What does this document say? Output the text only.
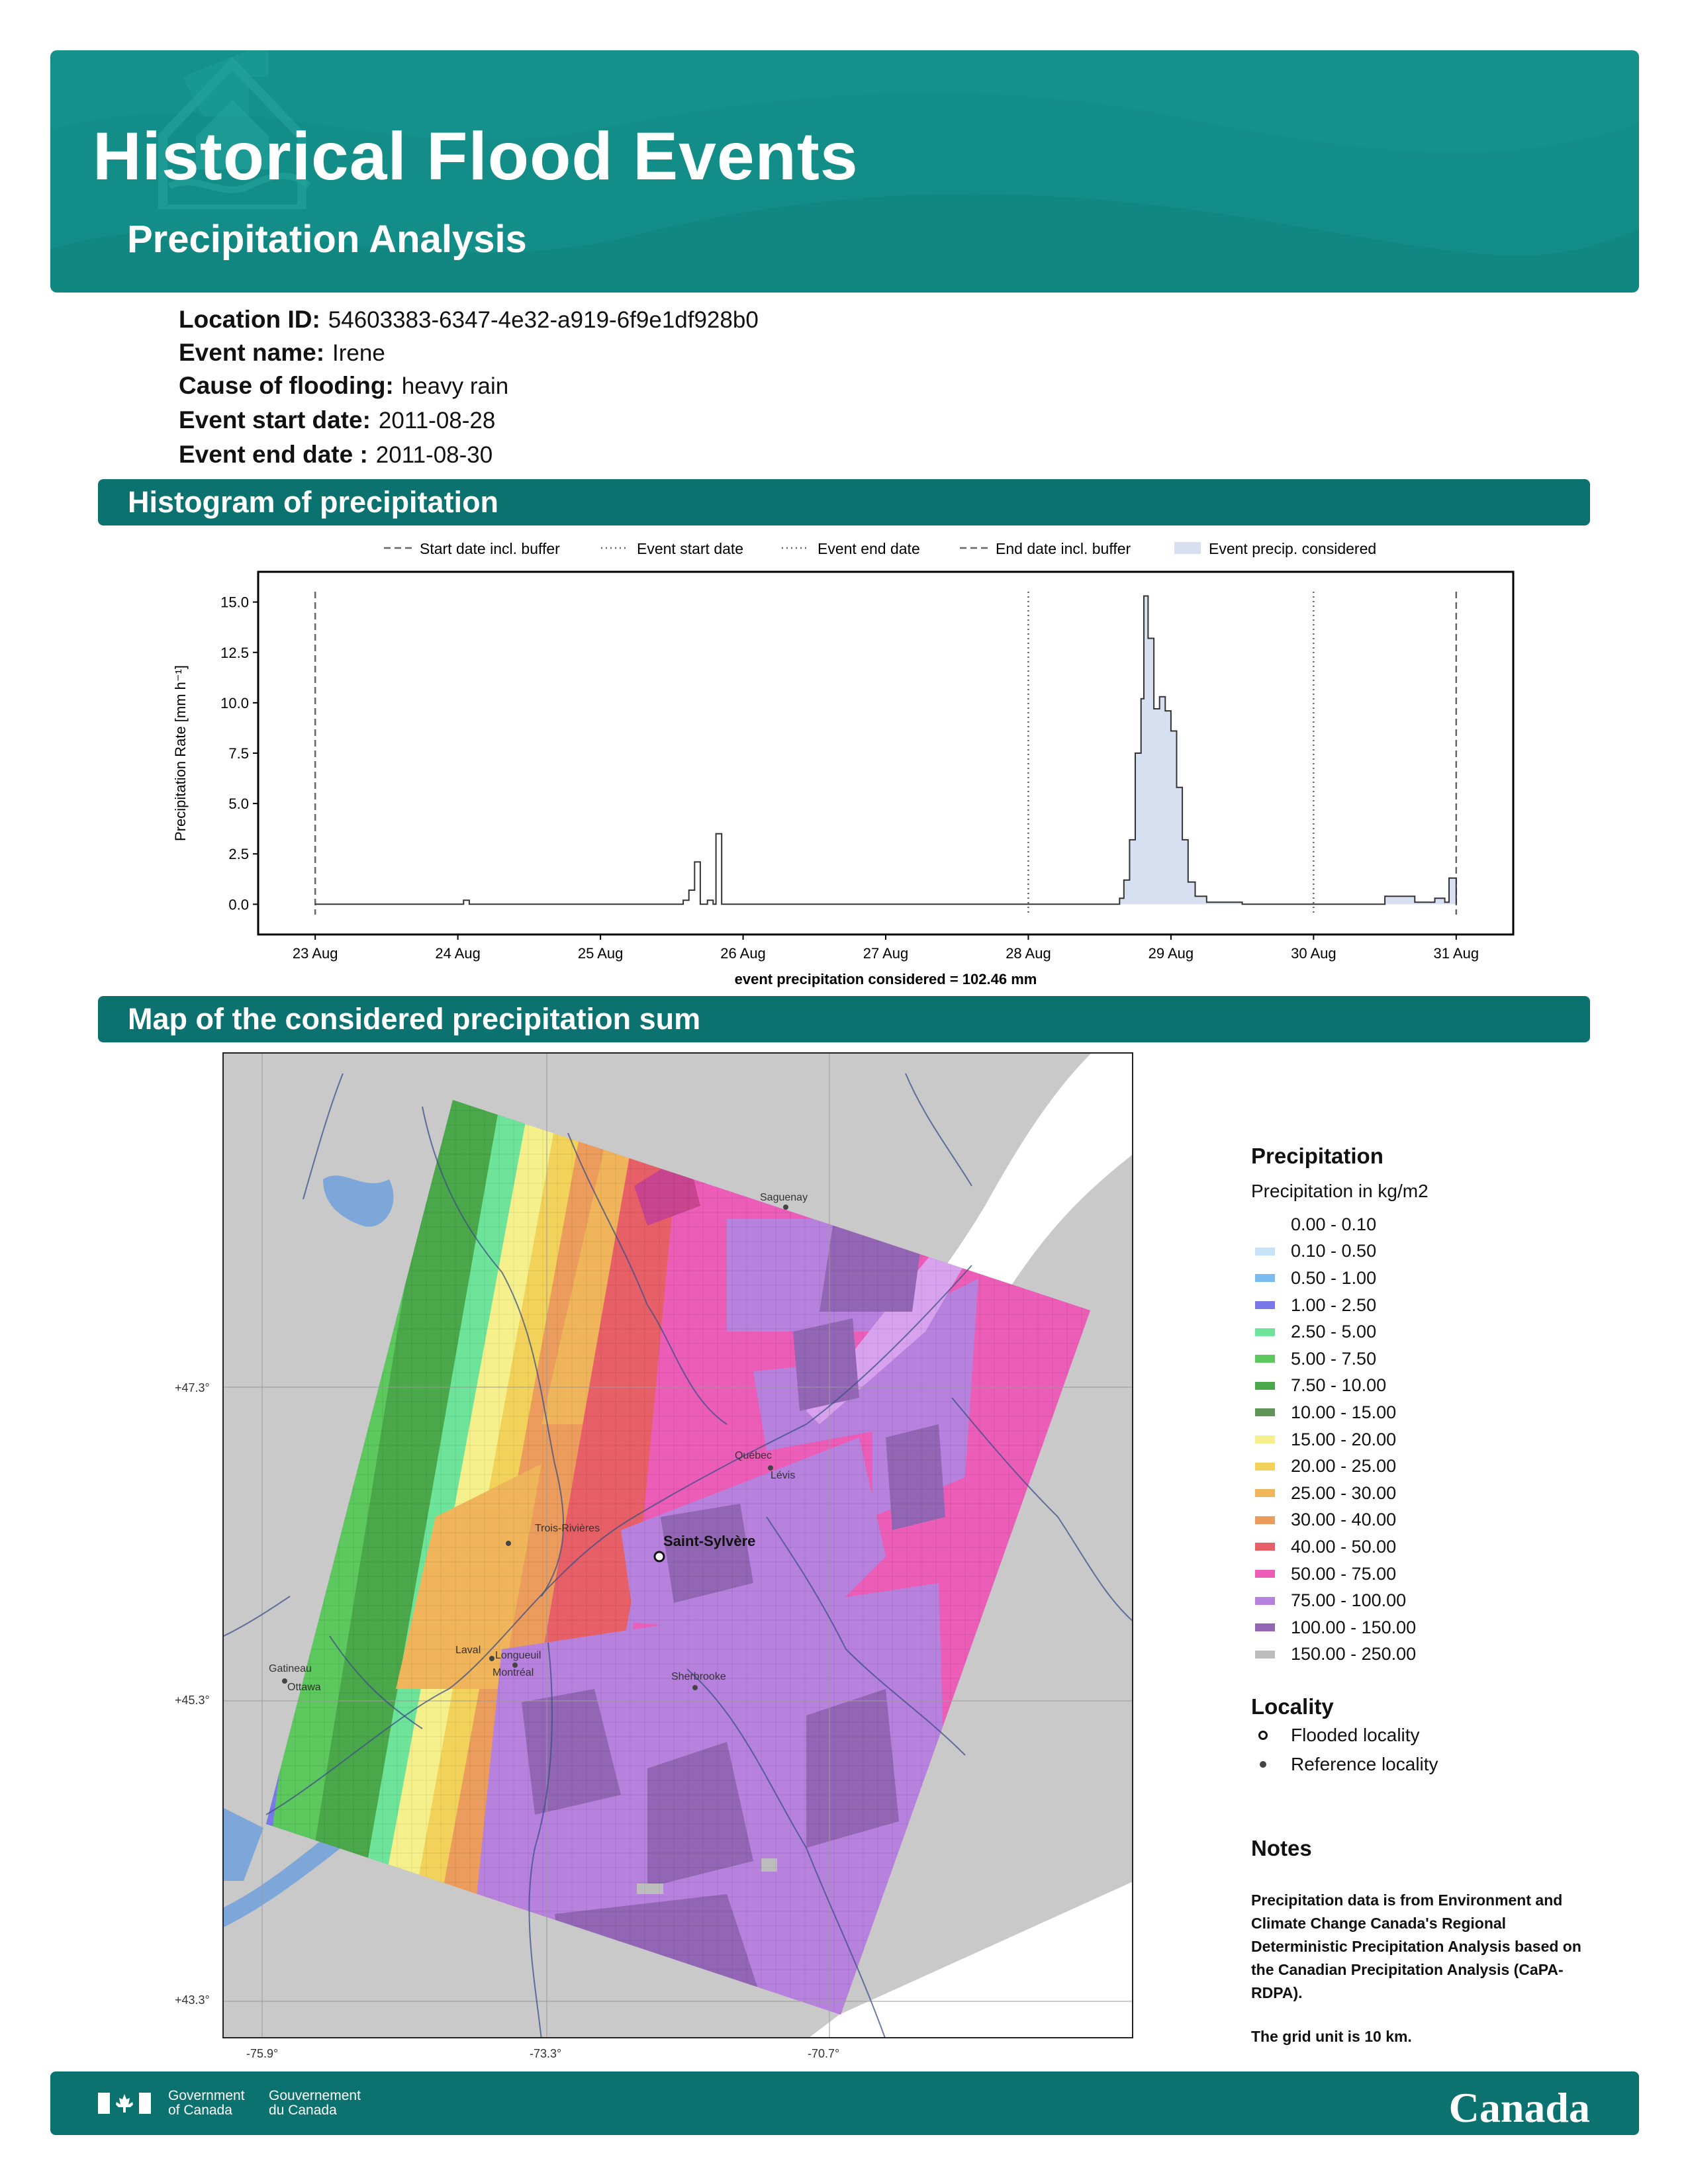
Historical Flood Events
Precipitation Analysis
Location ID: 54603383-6347-4e32-a919-6f9e1df928b0
Event name: Irene
Cause of flooding: heavy rain
Event start date: 2011-08-28
Event end date : 2011-08-30
Histogram of precipitation
Start date incl. buffer	Event start date	Event end date	End date incl. buffer	Event precip. considered
0.0
2.5
5.0
7.5
10.0
12.5
15.0
23 Aug	24 Aug	25 Aug	26 Aug	27 Aug	28 Aug	29 Aug	30 Aug	31 Aug
Precipitation Rate [mm h⁻¹]
event precipitation considered = 102.46 mm
Map of the considered precipitation sum
Saguenay
Québec
Lévis
Trois-Rivières
Laval Longueuil
Montréal
Gatineau
Ottawa
Sherbrooke
Saint-Sylvère
+47.3°
+45.3°
+43.3°
-75.9°	-73.3°	-70.7°
Precipitation
Precipitation in kg/m2
0.00 - 0.10
0.10 - 0.50
0.50 - 1.00
1.00 - 2.50
2.50 - 5.00
5.00 - 7.50
7.50 - 10.00
10.00 - 15.00
15.00 - 20.00
20.00 - 25.00
25.00 - 30.00
30.00 - 40.00
40.00 - 50.00
50.00 - 75.00
75.00 - 100.00
100.00 - 150.00
150.00 - 250.00
Locality
Flooded locality
Reference locality
Notes
Precipitation data is from Environment and Climate Change Canada's Regional Deterministic Precipitation Analysis based on the Canadian Precipitation Analysis (CaPA-RDPA).
The grid unit is 10 km.
Government
of Canada
Gouvernement
du Canada	Canada
